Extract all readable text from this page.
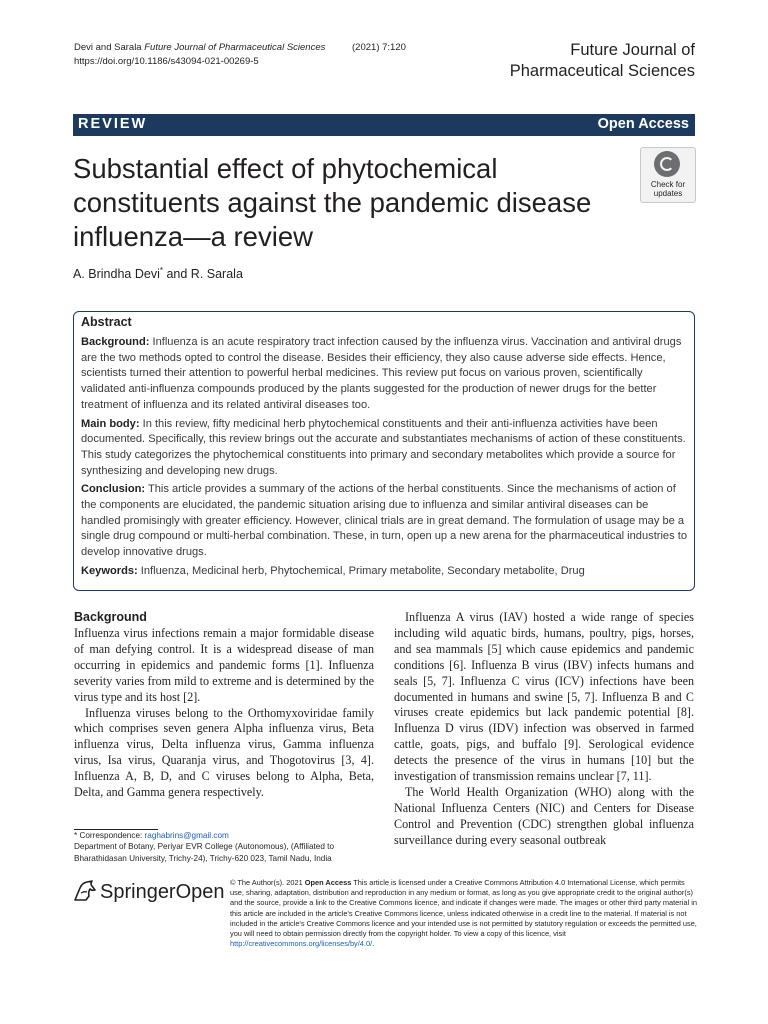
Devi and Sarala Future Journal of Pharmaceutical Sciences	(2021) 7:120
https://doi.org/10.1186/s43094-021-00269-5
Future Journal of
Pharmaceutical Sciences
REVIEW	Open Access
Substantial effect of phytochemical constituents against the pandemic disease influenza—a review
Check for
updates
A. Brindha Devi* and R. Sarala
Abstract

Background: Influenza is an acute respiratory tract infection caused by the influenza virus. Vaccination and antiviral drugs are the two methods opted to control the disease. Besides their efficiency, they also cause adverse side effects. Hence, scientists turned their attention to powerful herbal medicines. This review put focus on various proven, scientifically validated anti-influenza compounds produced by the plants suggested for the production of newer drugs for the better treatment of influenza and its related antiviral diseases too.

Main body: In this review, fifty medicinal herb phytochemical constituents and their anti-influenza activities have been documented. Specifically, this review brings out the accurate and substantiates mechanisms of action of these constituents. This study categorizes the phytochemical constituents into primary and secondary metabolites which provide a source for synthesizing and developing new drugs.

Conclusion: This article provides a summary of the actions of the herbal constituents. Since the mechanisms of action of the components are elucidated, the pandemic situation arising due to influenza and similar antiviral diseases can be handled promisingly with greater efficiency. However, clinical trials are in great demand. The formulation of usage may be a single drug compound or multi-herbal combination. These, in turn, open up a new arena for the pharmaceutical industries to develop innovative drugs.

Keywords: Influenza, Medicinal herb, Phytochemical, Primary metabolite, Secondary metabolite, Drug

Background

Influenza virus infections remain a major formidable disease of man defying control. It is a widespread disease of man occurring in epidemics and pandemic forms [1]. Influenza severity varies from mild to extreme and is determined by the virus type and its host [2].

Influenza viruses belong to the Orthomyxoviridae family which comprises seven genera Alpha influenza virus, Beta influenza virus, Delta influenza virus, Gamma influenza virus, Isa virus, Quaranja virus, and Thogotovirus [3, 4]. Influenza A, B, D, and C viruses belong to Alpha, Beta, Delta, and Gamma genera respectively.

Influenza A virus (IAV) hosted a wide range of species including wild aquatic birds, humans, poultry, pigs, horses, and sea mammals [5] which cause epidemics and pandemic conditions [6]. Influenza B virus (IBV) infects humans and seals [5, 7]. Influenza C virus (ICV) infections have been documented in humans and swine [5, 7]. Influenza B and C viruses create epidemics but lack pandemic potential [8]. Influenza D virus (IDV) infection was observed in farmed cattle, goats, pigs, and buffalo [9]. Serological evidence detects the presence of the virus in humans [10] but the investigation of transmission remains unclear [7, 11].

The World Health Organization (WHO) along with the National Influenza Centers (NIC) and Centers for Disease Control and Prevention (CDC) strengthen global influenza surveillance during every seasonal outbreak

* Correspondence: raghabrins@gmail.com
Department of Botany, Periyar EVR College (Autonomous), (Affiliated to Bharathidasan University, Trichy-24), Trichy-620 023, Tamil Nadu, India
SpringerOpen © The Author(s). 2021 Open Access This article is licensed under a Creative Commons Attribution 4.0 International License, which permits use, sharing, adaptation, distribution and reproduction in any medium or format, as long as you give appropriate credit to the original author(s) and the source, provide a link to the Creative Commons licence, and indicate if changes were made. The images or other third party material in this article are included in the article's Creative Commons licence, unless indicated otherwise in a credit line to the material. If material is not included in the article's Creative Commons licence and your intended use is not permitted by statutory regulation or exceeds the permitted use, you will need to obtain permission directly from the copyright holder. To view a copy of this licence, visit http://creativecommons.org/licenses/by/4.0/.
